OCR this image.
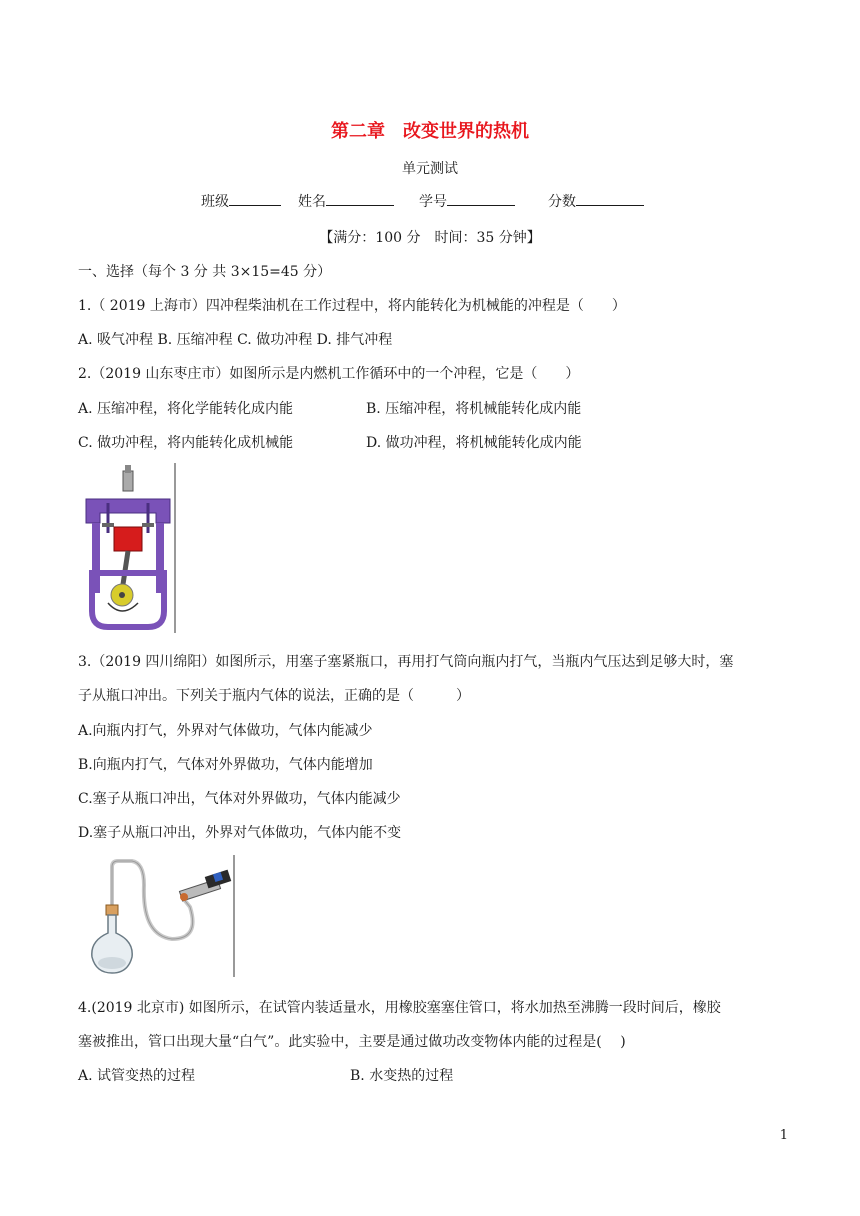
第二章　改变世界的热机
单元测试
班级	姓名	学号	分数
【满分：100 分　时间：35 分钟】
一、选择（每个 3 分 共 3×15=45 分）
1.（ 2019 上海市）四冲程柴油机在工作过程中，将内能转化为机械能的冲程是（　　）
A. 吸气冲程 B. 压缩冲程 C. 做功冲程 D. 排气冲程
2.（2019 山东枣庄市）如图所示是内燃机工作循环中的一个冲程，它是（　　）
A. 压缩冲程，将化学能转化成内能	B. 压缩冲程，将机械能转化成内能
C. 做功冲程，将内能转化成机械能	D. 做功冲程，将机械能转化成内能
3.（2019 四川绵阳）如图所示，用塞子塞紧瓶口，再用打气筒向瓶内打气，当瓶内气压达到足够大时，塞
子从瓶口冲出。下列关于瓶内气体的说法，正确的是（　　　）
A.向瓶内打气，外界对气体做功，气体内能减少
B.向瓶内打气，气体对外界做功，气体内能增加
C.塞子从瓶口冲出，气体对外界做功，气体内能减少
D.塞子从瓶口冲出，外界对气体做功，气体内能不变
4.(2019 北京市) 如图所示，在试管内装适量水，用橡胶塞塞住管口，将水加热至沸腾一段时间后，橡胶
A. 试管变热的过程	B. 水变热的过程
1
塞被推出，管口出现大量“白气”。此实验中，主要是通过做功改变物体内能的过程是(　 )
